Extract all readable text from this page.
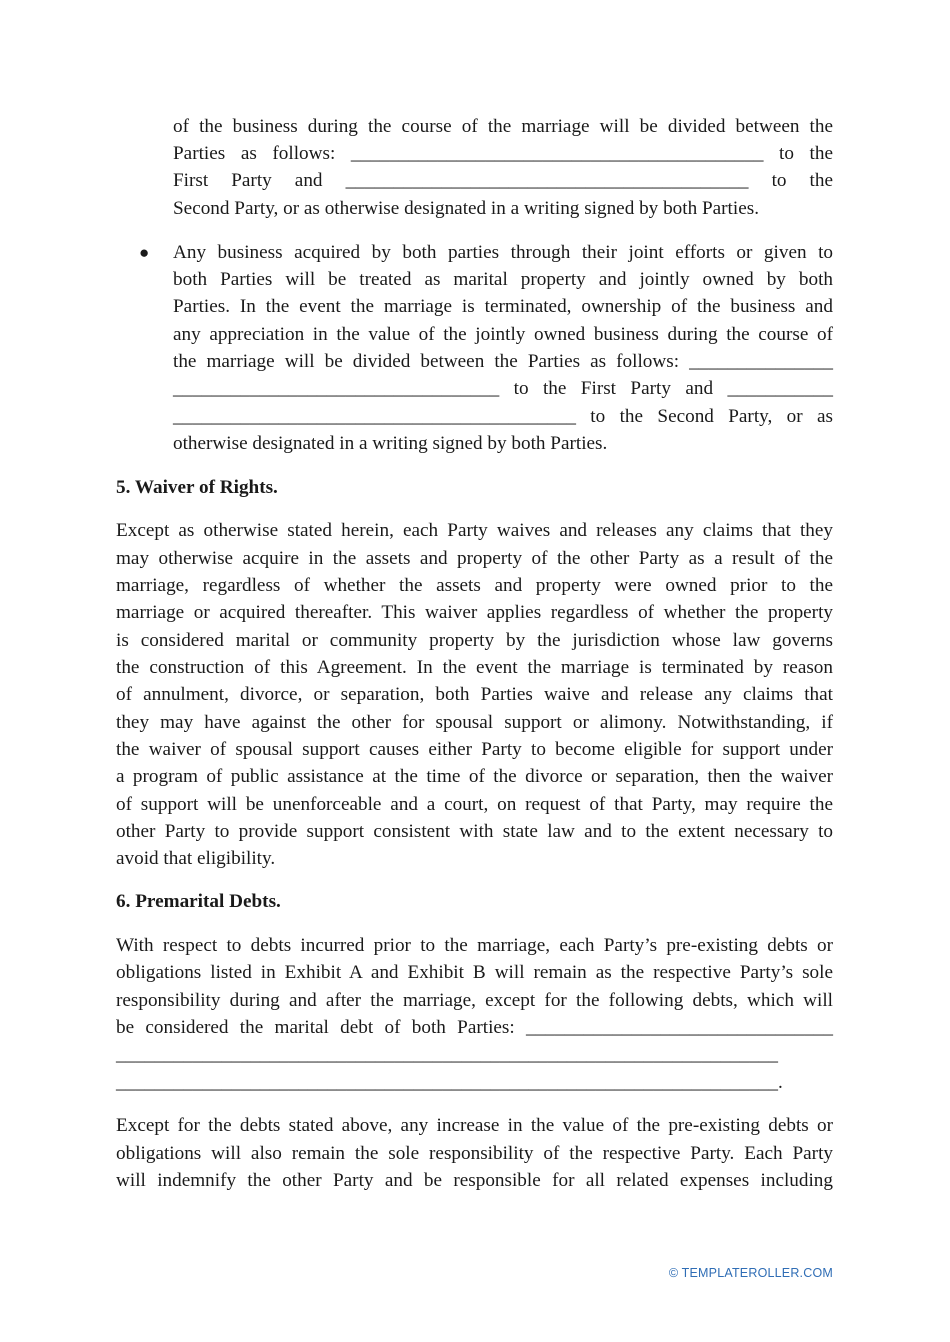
of the business during the course of the marriage will be divided between the

Parties as follows: ___________________________________________ to the

First Party and __________________________________________ to the

Second Party, or as otherwise designated in a writing signed by both Parties.

● Any business acquired by both parties through their joint efforts or given to

both Parties will be treated as marital property and jointly owned by both

Parties. In the event the marriage is terminated, ownership of the business and

any appreciation in the value of the jointly owned business during the course of

the marriage will be divided between the Parties as follows: _______________

__________________________________ to the First Party and ___________

__________________________________________ to the Second Party, or as

otherwise designated in a writing signed by both Parties.

5. Waiver of Rights.

Except as otherwise stated herein, each Party waives and releases any claims that they

may otherwise acquire in the assets and property of the other Party as a result of the

marriage, regardless of whether the assets and property were owned prior to the

marriage or acquired thereafter. This waiver applies regardless of whether the property

is considered marital or community property by the jurisdiction whose law governs

the construction of this Agreement. In the event the marriage is terminated by reason

of annulment, divorce, or separation, both Parties waive and release any claims that

they may have against the other for spousal support or alimony. Notwithstanding, if

the waiver of spousal support causes either Party to become eligible for support under

a program of public assistance at the time of the divorce or separation, then the waiver

of support will be unenforceable and a court, on request of that Party, may require the

other Party to provide support consistent with state law and to the extent necessary to

avoid that eligibility.

6. Premarital Debts.

With respect to debts incurred prior to the marriage, each Party’s pre-existing debts or

obligations listed in Exhibit A and Exhibit B will remain as the respective Party’s sole

responsibility during and after the marriage, except for the following debts, which will

be considered the marital debt of both Parties: ________________________________

_____________________________________________________________________

_____________________________________________________________________.

Except for the debts stated above, any increase in the value of the pre-existing debts or

obligations will also remain the sole responsibility of the respective Party. Each Party

will indemnify the other Party and be responsible for all related expenses including

© TEMPLATEROLLER.COM
